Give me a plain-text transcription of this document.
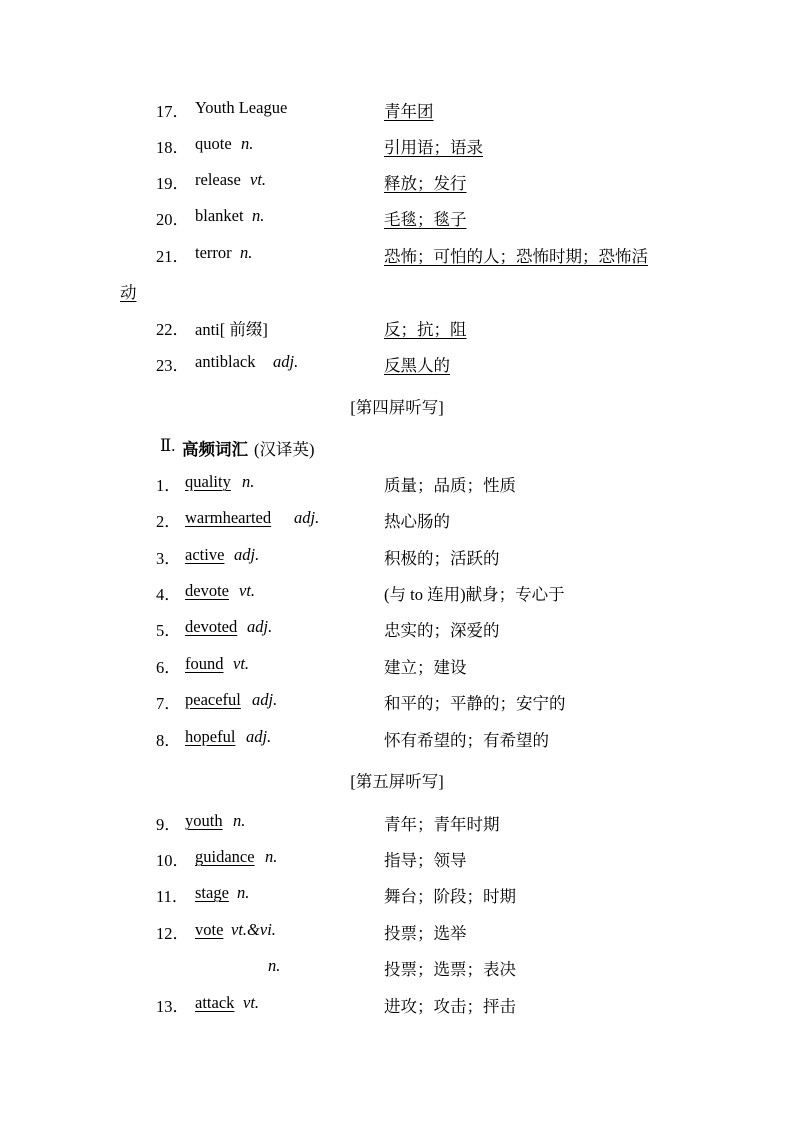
17． Youth League	青年团
18． quote n.	引用语；语录
19． release vt.	释放；发行
20． blanket n.	毛毯；毯子
21． terror n.	恐怖；可怕的人；恐怖时期；恐怖活
动
22． anti[ 前缀]	反；抗；阻
23． antiblack adj.	反黑人的
[第四屏听写]
Ⅱ. 高频词汇 (汉译英)
1． quality n.	质量；品质；性质
2． warmhearted adj.	热心肠的
3． active adj.	积极的；活跃的
4． devote vt.	(与 to 连用)献身；专心于
5． devoted adj.	忠实的；深爱的
6． found vt.	建立；建设
7． peaceful adj.	和平的；平静的；安宁的
8． hopeful adj.	怀有希望的；有希望的
[第五屏听写]
9． youth n.	青年；青年时期
10． guidance n.	指导；领导
11． stage n.	舞台；阶段；时期
12． vote vt.&vi.	投票；选举
n.	投票；选票；表决
13． attack vt.	进攻；攻击；抨击
